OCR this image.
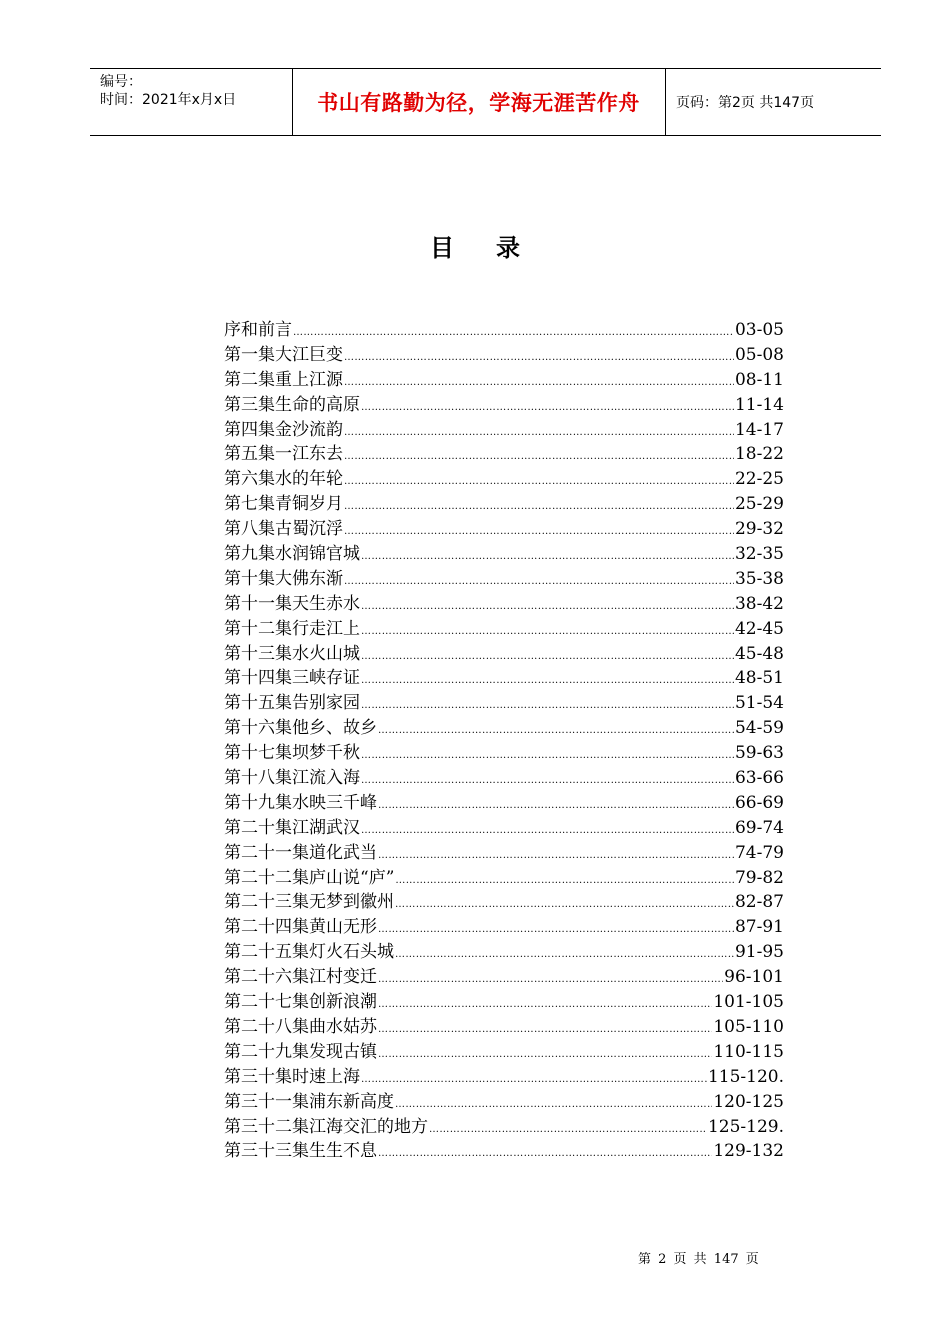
编号：
时间：2021年x月x日	书山有路勤为径，学海无涯苦作舟	页码：第2页 共147页
目录
序和前言 ……………………………………………………………………………………………………………………………………………………………………………………………………………………	03-05
第一集大江巨变 ……………………………………………………………………………………………………………………………………………………………………………………………………………………	05-08
第二集重上江源 ……………………………………………………………………………………………………………………………………………………………………………………………………………………	08-11
第三集生命的高原 ……………………………………………………………………………………………………………………………………………………………………………………………………………………	11-14
第四集金沙流韵 ……………………………………………………………………………………………………………………………………………………………………………………………………………………	14-17
第五集一江东去 ……………………………………………………………………………………………………………………………………………………………………………………………………………………	18-22
第六集水的年轮 ……………………………………………………………………………………………………………………………………………………………………………………………………………………	22-25
第七集青铜岁月 ……………………………………………………………………………………………………………………………………………………………………………………………………………………	25-29
第八集古蜀沉浮 ……………………………………………………………………………………………………………………………………………………………………………………………………………………	29-32
第九集水润锦官城 ……………………………………………………………………………………………………………………………………………………………………………………………………………………	32-35
第十集大佛东渐 ……………………………………………………………………………………………………………………………………………………………………………………………………………………	35-38
第十一集天生赤水 ……………………………………………………………………………………………………………………………………………………………………………………………………………………	38-42
第十二集行走江上 ……………………………………………………………………………………………………………………………………………………………………………………………………………………	42-45
第十三集水火山城 ……………………………………………………………………………………………………………………………………………………………………………………………………………………	45-48
第十四集三峡存证 ……………………………………………………………………………………………………………………………………………………………………………………………………………………	48-51
第十五集告别家园 ……………………………………………………………………………………………………………………………………………………………………………………………………………………	51-54
第十六集他乡、故乡 ……………………………………………………………………………………………………………………………………………………………………………………………………………………	54-59
第十七集坝梦千秋 ……………………………………………………………………………………………………………………………………………………………………………………………………………………	59-63
第十八集江流入海 ……………………………………………………………………………………………………………………………………………………………………………………………………………………	63-66
第十九集水映三千峰 ……………………………………………………………………………………………………………………………………………………………………………………………………………………	66-69
第二十集江湖武汉 ……………………………………………………………………………………………………………………………………………………………………………………………………………………	69-74
第二十一集道化武当 ……………………………………………………………………………………………………………………………………………………………………………………………………………………	74-79
第二十二集庐山说“庐” ……………………………………………………………………………………………………………………………………………………………………………………………………………………	79-82
第二十三集无梦到徽州 ……………………………………………………………………………………………………………………………………………………………………………………………………………………	82-87
第二十四集黄山无形 ……………………………………………………………………………………………………………………………………………………………………………………………………………………	87-91
第二十五集灯火石头城 ……………………………………………………………………………………………………………………………………………………………………………………………………………………	91-95
第二十六集江村变迁 ……………………………………………………………………………………………………………………………………………………………………………………………………………………	96-101
第二十七集创新浪潮 ……………………………………………………………………………………………………………………………………………………………………………………………………………………	101-105
第二十八集曲水姑苏 ……………………………………………………………………………………………………………………………………………………………………………………………………………………	105-110
第二十九集发现古镇 ……………………………………………………………………………………………………………………………………………………………………………………………………………………	110-115
第三十集时速上海 ……………………………………………………………………………………………………………………………………………………………………………………………………………………	115-120.
第三十一集浦东新高度 ……………………………………………………………………………………………………………………………………………………………………………………………………………………	120-125
第三十二集江海交汇的地方 ……………………………………………………………………………………………………………………………………………………………………………………………………………………	125-129.
第三十三集生生不息 ……………………………………………………………………………………………………………………………………………………………………………………………………………………	129-132
第 2 页 共 147 页
